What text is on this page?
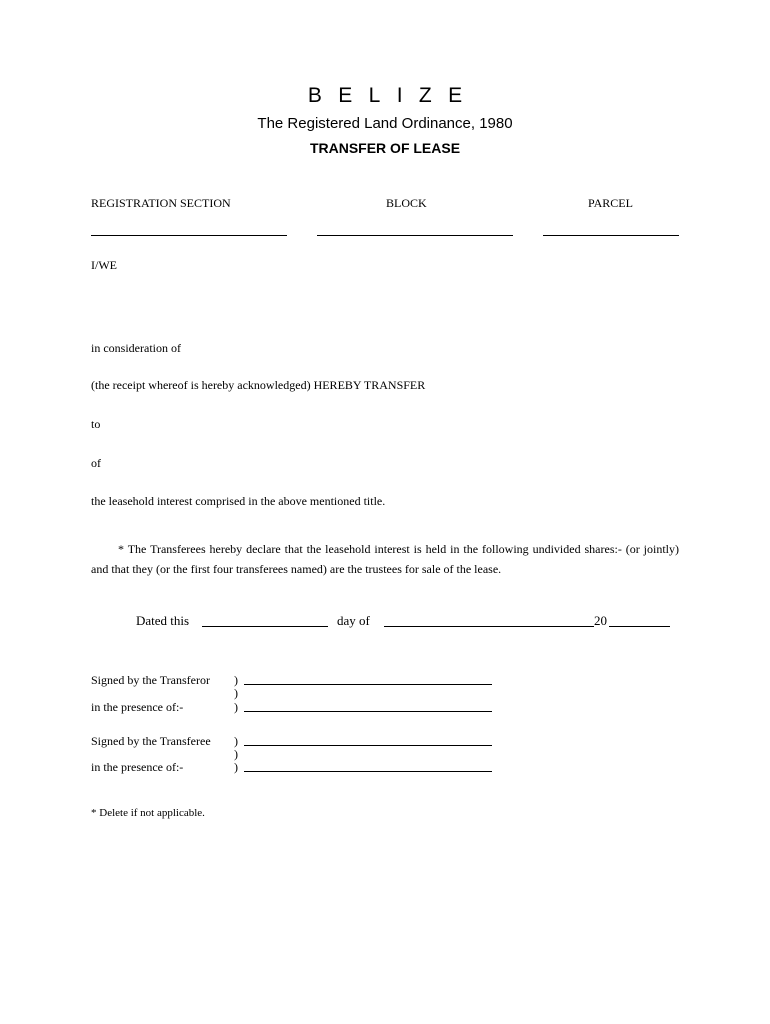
BELIZE
The Registered Land Ordinance, 1980
TRANSFER OF LEASE
REGISTRATION SECTION	BLOCK	PARCEL
I/WE
in consideration of
(the receipt whereof is hereby acknowledged) HEREBY TRANSFER
to
of
the leasehold interest comprised in the above mentioned title.
* The Transferees hereby declare that the leasehold interest is held in the following undivided shares:- (or jointly) and that they (or the first four transferees named) are the trustees for sale of the lease.
Dated this	day of	20
Signed by the Transferor )
)
in the presence of:-	)
Signed by the Transferee )
)
in the presence of:-	)
* Delete if not applicable.
